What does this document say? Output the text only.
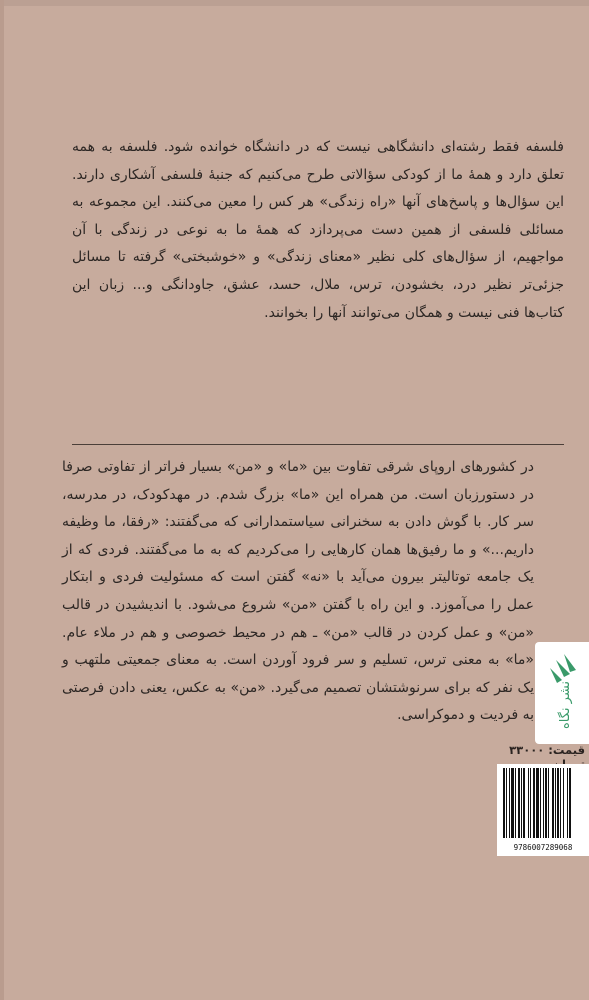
فلسفه فقط رشته‌ای دانشگاهی نیست که در دانشگاه خوانده شود. فلسفه به همه تعلق دارد و همهٔ ما از کودکی سؤالاتی طرح می‌کنیم که جنبهٔ فلسفی آشکاری دارند. این سؤال‌ها و پاسخ‌های آنها «راه زندگی» هر کس را معین می‌کنند. این مجموعه به مسائلی فلسفی از همین دست می‌پردازد که همهٔ ما به نوعی در زندگی با آن مواجهیم، از سؤال‌های کلی نظیر «معنای زندگی» و «خوشبختی» گرفته تا مسائل جزئی‌تر نظیر درد، بخشودن، ترس، ملال، حسد، عشق، جاودانگی و... زبان این کتاب‌ها فنی نیست و همگان می‌توانند آنها را بخوانند.
در کشورهای اروپای شرقی تفاوت بین «ما» و «من» بسیار فراتر از تفاوتی صرفا در دستورزبان است. من همراه این «ما» بزرگ شدم. در مهدکودک، در مدرسه، سر کار. با گوش دادن به سخنرانی سیاستمدارانی که می‌گفتند: «رفقا، ما وظیفه داریم...» و ما رفیق‌ها همان کارهایی را می‌کردیم که به ما می‌گفتند. فردی که از یک جامعه توتالیتر بیرون می‌آید با «نه» گفتن است که مسئولیت فردی و ابتکار عمل را می‌آموزد. و این راه با گفتن «من» شروع می‌شود. با اندیشیدن در قالب «من» و عمل کردن در قالب «من» ـ هم در محیط خصوصی و هم در ملاء عام. «ما» به معنی ترس، تسلیم و سر فرود آوردن است. به معنای جمعیتی ملتهب و یک نفر که برای سرنوشتشان تصمیم می‌گیرد. «من» به عکس، یعنی دادن فرصتی به فردیت و دموکراسی. نشر نگاه
قیمت: ۳۳۰۰۰
9786007289068
